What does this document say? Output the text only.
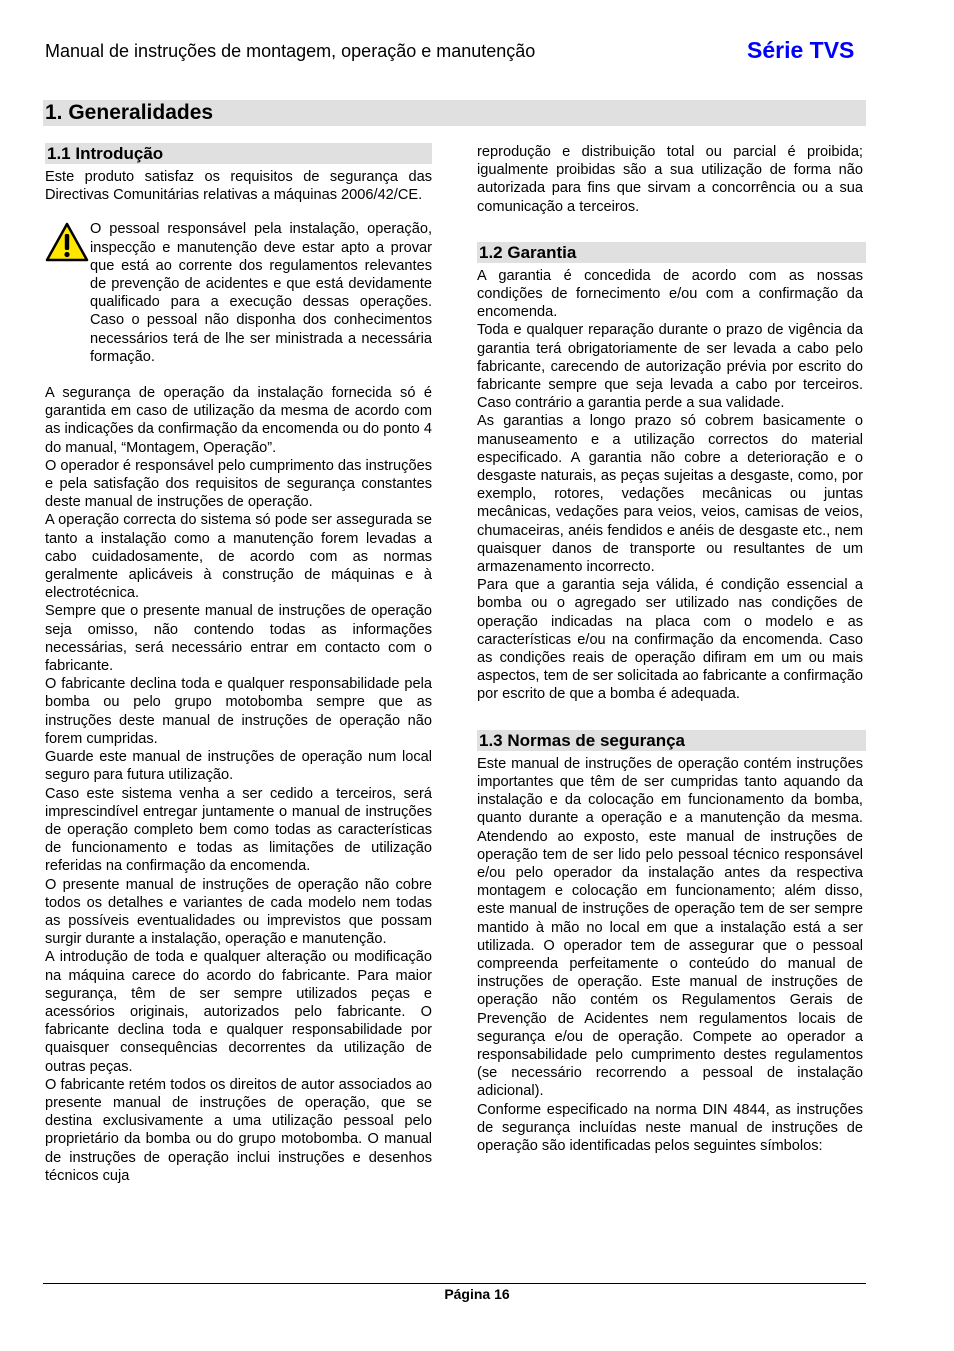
Manual de instruções de montagem, operação e manutenção	Série TVS
1. Generalidades
1.1 Introdução

Este produto satisfaz os requisitos de segurança das Directivas Comunitárias relativas a máquinas 2006/42/CE.

O pessoal responsável pela instalação, operação, inspecção e manutenção deve estar apto a provar que está ao corrente dos regulamentos relevantes de prevenção de acidentes e que está devidamente qualificado para a execução dessas operações. Caso o pessoal não disponha dos conhecimentos necessários terá de lhe ser ministrada a necessária formação.

A segurança de operação da instalação fornecida só é garantida em caso de utilização da mesma de acordo com as indicações da confirmação da encomenda ou do ponto 4 do manual, “Montagem, Operação”.

O operador é responsável pelo cumprimento das instruções e pela satisfação dos requisitos de segurança constantes deste manual de instruções de operação.

A operação correcta do sistema só pode ser assegurada se tanto a instalação como a manutenção forem levadas a cabo cuidadosamente, de acordo com as normas geralmente aplicáveis à construção de máquinas e à electrotécnica.

Sempre que o presente manual de instruções de operação seja omisso, não contendo todas as informações necessárias, será necessário entrar em contacto com o fabricante.

O fabricante declina toda e qualquer responsabilidade pela bomba ou pelo grupo motobomba sempre que as instruções deste manual de instruções de operação não forem cumpridas.

Guarde este manual de instruções de operação num local seguro para futura utilização.

Caso este sistema venha a ser cedido a terceiros, será imprescindível entregar juntamente o manual de instruções de operação completo bem como todas as características de funcionamento e todas as limitações de utilização referidas na confirmação da encomenda.

O presente manual de instruções de operação não cobre todos os detalhes e variantes de cada modelo nem todas as possíveis eventualidades ou imprevistos que possam surgir durante a instalação, operação e manutenção.

A introdução de toda e qualquer alteração ou modificação na máquina carece do acordo do fabricante. Para maior segurança, têm de ser sempre utilizados peças e acessórios originais, autorizados pelo fabricante. O fabricante declina toda e qualquer responsabilidade por quaisquer consequências decorrentes da utilização de outras peças.

O fabricante retém todos os direitos de autor associados ao presente manual de instruções de operação, que se destina exclusivamente a uma utilização pessoal pelo proprietário da bomba ou do grupo motobomba. O manual de instruções de operação inclui instruções e desenhos técnicos cuja

reprodução e distribuição total ou parcial é proibida; igualmente proibidas são a sua utilização de forma não autorizada para fins que sirvam a concorrência ou a sua comunicação a terceiros.

1.2 Garantia

A garantia é concedida de acordo com as nossas condições de fornecimento e/ou com a confirmação da encomenda.

Toda e qualquer reparação durante o prazo de vigência da garantia terá obrigatoriamente de ser levada a cabo pelo fabricante, carecendo de autorização prévia por escrito do fabricante sempre que seja levada a cabo por terceiros. Caso contrário a garantia perde a sua validade.

As garantias a longo prazo só cobrem basicamente o manuseamento e a utilização correctos do material especificado. A garantia não cobre a deterioração e o desgaste naturais, as peças sujeitas a desgaste, como, por exemplo, rotores, vedações mecânicas ou juntas mecânicas, vedações para veios, veios, camisas de veios, chumaceiras, anéis fendidos e anéis de desgaste etc., nem quaisquer danos de transporte ou resultantes de um armazenamento incorrecto.

Para que a garantia seja válida, é condição essencial a bomba ou o agregado ser utilizado nas condições de operação indicadas na placa com o modelo e as características e/ou na confirmação da encomenda. Caso as condições reais de operação difiram em um ou mais aspectos, tem de ser solicitada ao fabricante a confirmação por escrito de que a bomba é adequada.

1.3 Normas de segurança

Este manual de instruções de operação contém instruções importantes que têm de ser cumpridas tanto aquando da instalação e da colocação em funcionamento da bomba, quanto durante a operação e a manutenção da mesma. Atendendo ao exposto, este manual de instruções de operação tem de ser lido pelo pessoal técnico responsável e/ou pelo operador da instalação antes da respectiva montagem e colocação em funcionamento; além disso, este manual de instruções de operação tem de ser sempre mantido à mão no local em que a instalação está a ser utilizada. O operador tem de assegurar que o pessoal compreenda perfeitamente o conteúdo do manual de instruções de operação. Este manual de instruções de operação não contém os Regulamentos Gerais de Prevenção de Acidentes nem regulamentos locais de segurança e/ou de operação. Compete ao operador a responsabilidade pelo cumprimento destes regulamentos (se necessário recorrendo a pessoal de instalação adicional).

Conforme especificado na norma DIN 4844, as instruções de segurança incluídas neste manual de instruções de operação são identificadas pelos seguintes símbolos:

Página 16
